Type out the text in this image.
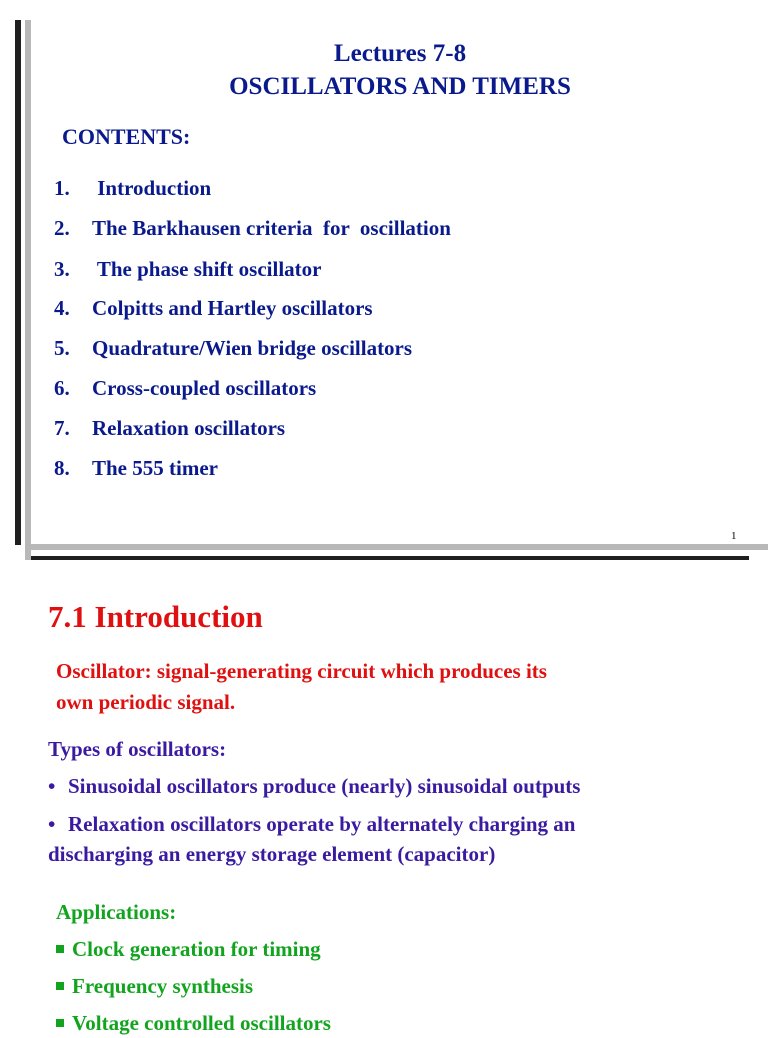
Lectures 7-8
OSCILLATORS AND TIMERS
CONTENTS:
1. Introduction
2. The Barkhausen criteria  for  oscillation
3. The phase shift oscillator
4. Colpitts and Hartley oscillators
5. Quadrature/Wien bridge oscillators
6. Cross-coupled oscillators
7. Relaxation oscillators
8. The 555 timer
1
7.1 Introduction
Oscillator: signal-generating circuit which produces its
own periodic signal.
Types of oscillators:
• Sinusoidal oscillators produce (nearly) sinusoidal outputs
• Relaxation oscillators operate by alternately charging an
discharging an energy storage element (capacitor)
Applications:
Clock generation for timing
Frequency synthesis
Voltage controlled oscillators
